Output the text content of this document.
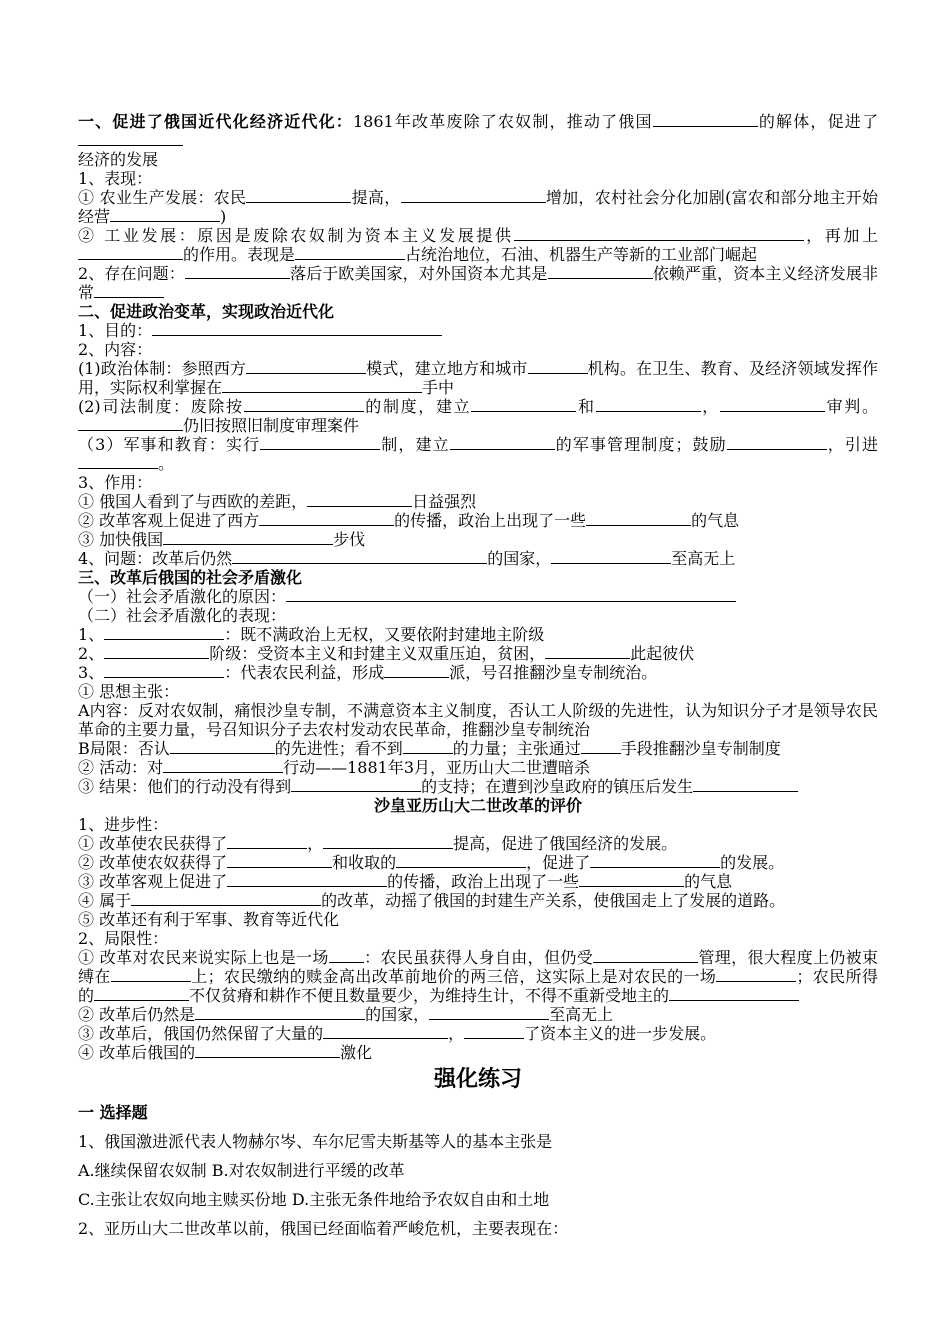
一、促进了俄国近代化经济近代化：1861年改革废除了农奴制，推动了俄国	的解体，促进了
经济的发展
1、表现：
① 农业生产发展：农民	提高，	增加，农村社会分化加剧(富农和部分地主开始经营	)
② 工业发展：原因是废除农奴制为资本主义发展提供	，再加上的作用。表现是	占统治地位，石油、机器生产等新的工业部门崛起
2、存在问题：	落后于欧美国家，对外国资本尤其是	依赖严重，资本主义经济发展非常
二、促进政治变革，实现政治近代化
1、目的：
2、内容：
(1)政治体制：参照西方	模式，建立地方和城市	机构。在卫生、教育、及经济领域发挥作用，实际权利掌握在	手中
(2)司法制度：废除按	的制度，建立	和	，	审判。仍旧按照旧制度审理案件
（3）军事和教育：实行	制，建立	的军事管理制度；鼓励	，引进。
3、作用：
① 俄国人看到了与西欧的差距，	日益强烈
② 改革客观上促进了西方	的传播，政治上出现了一些	的气息
③ 加快俄国	步伐
4、问题：改革后仍然	的国家，	至高无上
三、改革后俄国的社会矛盾激化
（一）社会矛盾激化的原因：
（二）社会矛盾激化的表现：
1、	：既不满政治上无权，又要依附封建地主阶级
2、	阶级：受资本主义和封建主义双重压迫，贫困，	此起彼伏
3、	：代表农民利益，形成	派，号召推翻沙皇专制统治。
① 思想主张：
A内容：反对农奴制，痛恨沙皇专制，不满意资本主义制度，否认工人阶级的先进性，认为知识分子才是领导农民革命的主要力量，号召知识分子去农村发动农民革命，推翻沙皇专制统治
B局限：否认	的先进性；看不到	的力量；主张通过	手段推翻沙皇专制制度
② 活动：对	行动——1881年3月，亚历山大二世遭暗杀
③ 结果：他们的行动没有得到	的支持；在遭到沙皇政府的镇压后发生
沙皇亚历山大二世改革的评价
1、进步性：
① 改革使农民获得了	，	提高，促进了俄国经济的发展。
② 改革使农奴获得了	和收取的	，促进了	的发展。
③ 改革客观上促进了	的传播，政治上出现了一些	的气息
④ 属于	的改革，动摇了俄国的封建生产关系，使俄国走上了发展的道路。
⑤ 改革还有利于军事、教育等近代化
2、局限性：
① 改革对农民来说实际上也是一场 ：农民虽获得人身自由，但仍受	管理，很大程度上仍被束缚在	上；农民缴纳的赎金高出改革前地价的两三倍，这实际上是对农民的一场	；农民所得的	不仅贫瘠和耕作不便且数量要少，为维持生计，不得不重新受地主的
② 改革后仍然是	的国家，	至高无上
③ 改革后，俄国仍然保留了大量的	，	了资本主义的进一步发展。
④ 改革后俄国的	激化
强化练习
一 选择题
1、俄国激进派代表人物赫尔岑、车尔尼雪夫斯基等人的基本主张是
A.继续保留农奴制 B.对农奴制进行平缓的改革
C.主张让农奴向地主赎买份地 D.主张无条件地给予农奴自由和土地
2、亚历山大二世改革以前，俄国已经面临着严峻危机，主要表现在：
